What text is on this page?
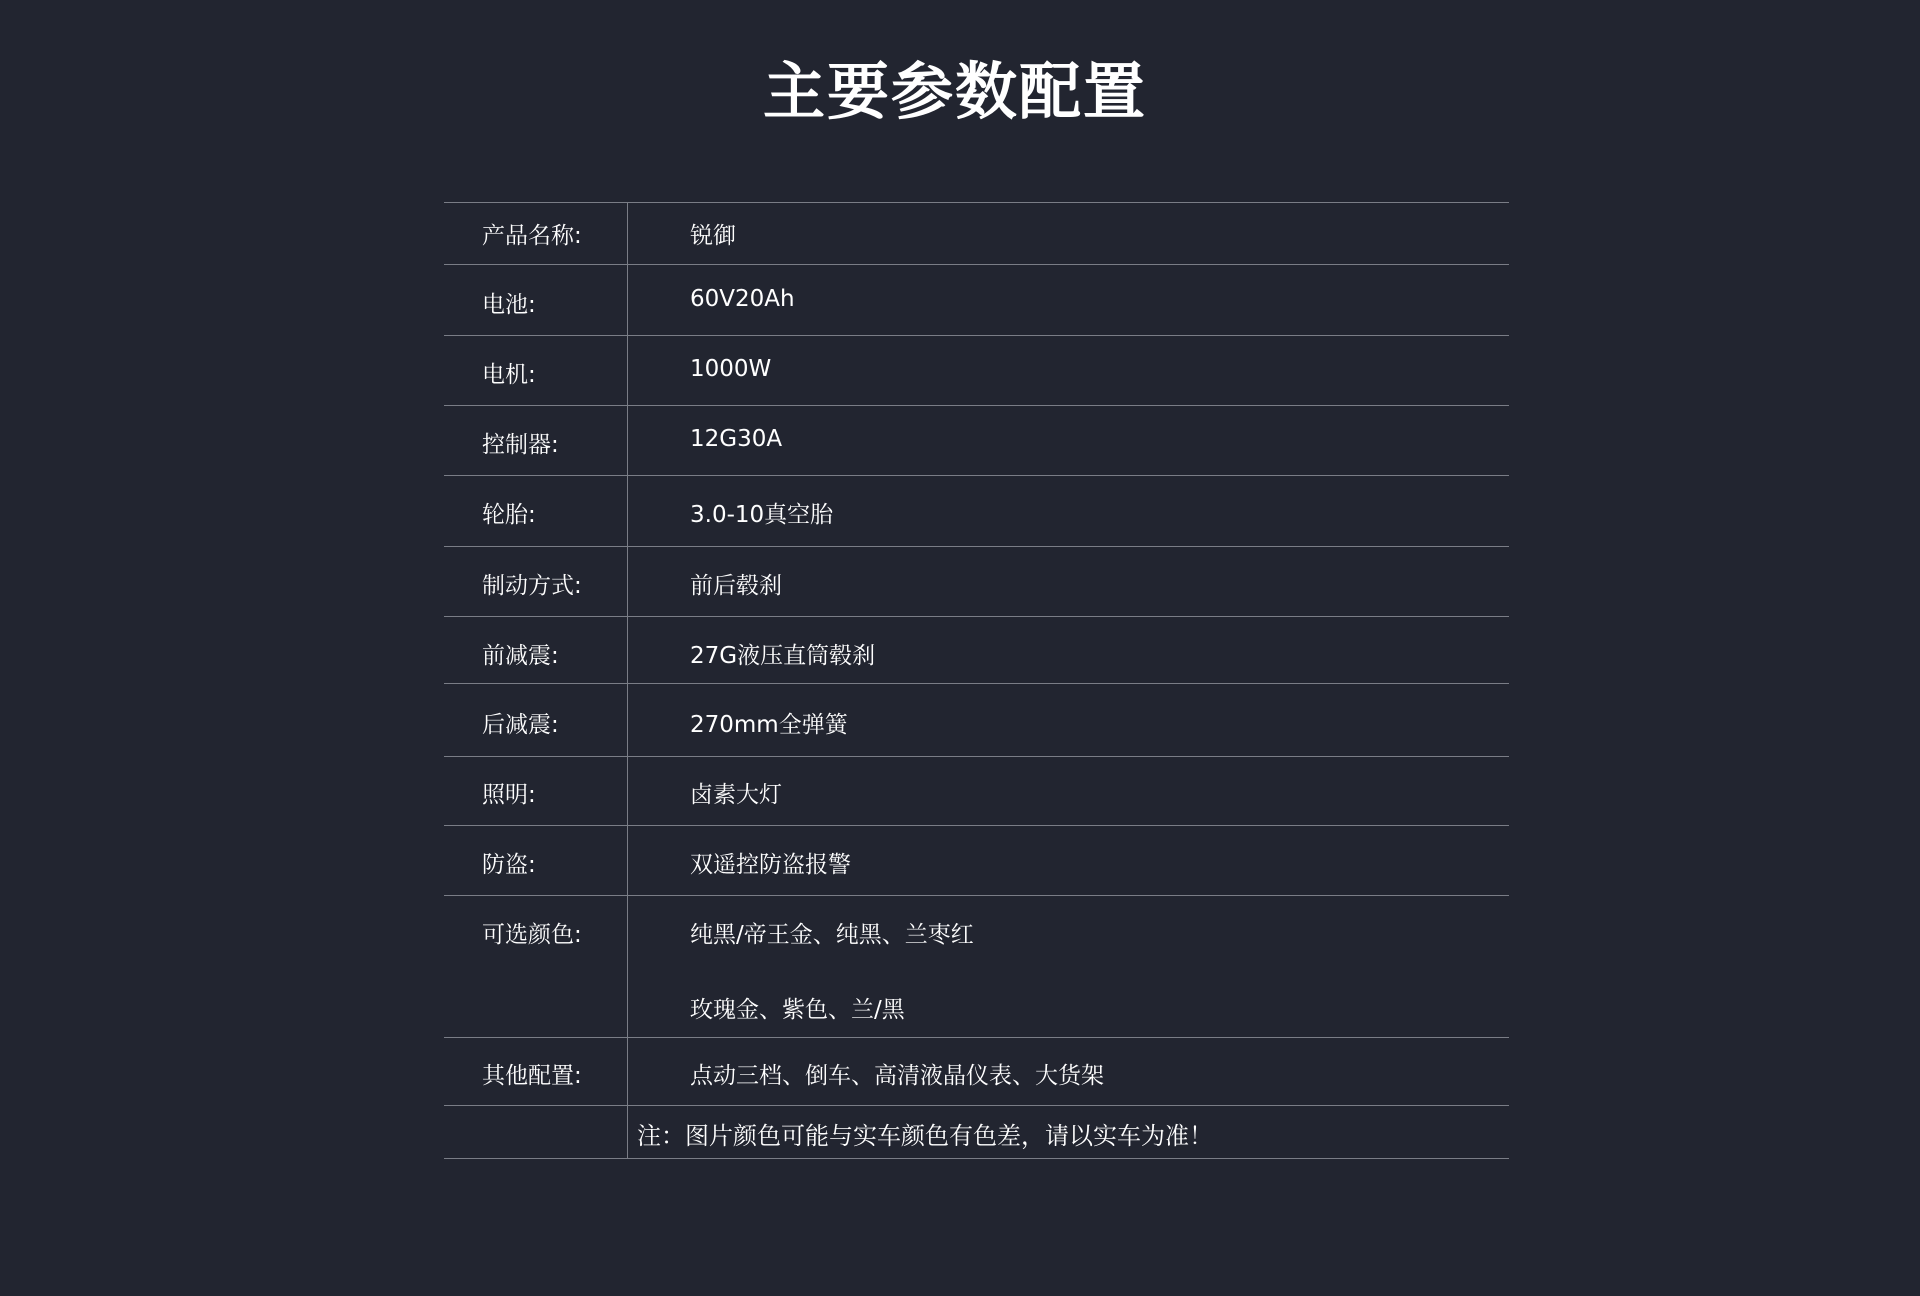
主要参数配置
产品名称:	锐御
电池:	60V20Ah
电机:	1000W
控制器:	12G30A
轮胎:	3.0-10真空胎
制动方式:	前后毂刹
前减震:	27G液压直筒毂刹
后减震:	270mm全弹簧
照明:	卤素大灯
防盗:	双遥控防盗报警
可选颜色:	纯黑/帝王金、纯黑、兰枣红
玫瑰金、紫色、兰/黑
其他配置:	点动三档、倒车、高清液晶仪表、大货架
注：图片颜色可能与实车颜色有色差，请以实车为准！
